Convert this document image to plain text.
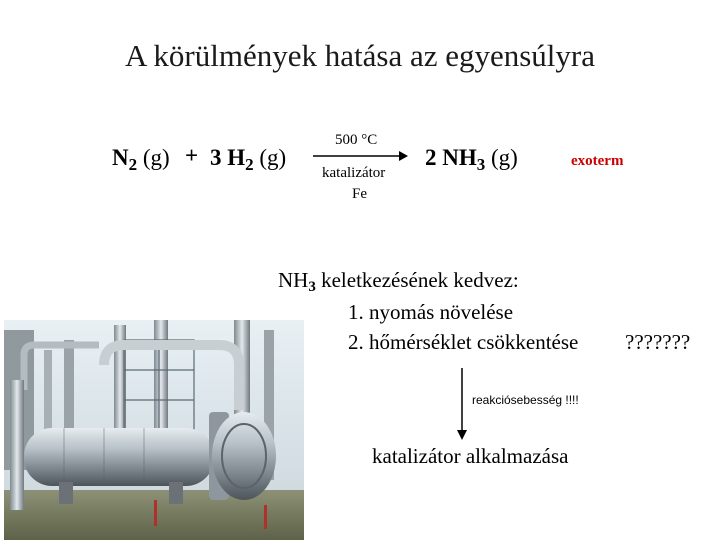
A körülmények hatása az egyensúlyra
$N_2$ (g) + 3 $H_2$ (g)
500 °C
katalizátor
Fe
2 $NH_3$ (g)	exoterm
NH3 keletkezésének kedvez:
1. nyomás növelése
2. hőmérséklet csökkentése ???????
reakciósebesség !!!!
katalizátor alkalmazása
